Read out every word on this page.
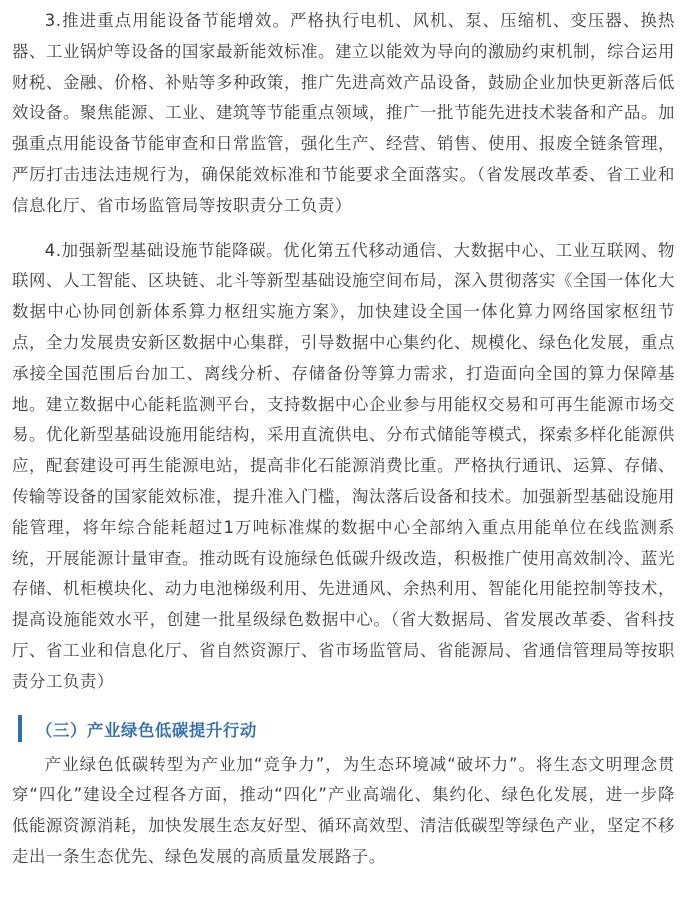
3.推进重点用能设备节能增效。严格执行电机、风机、泵、压缩机、变压器、换热器、工业锅炉等设备的国家最新能效标准。建立以能效为导向的激励约束机制，综合运用财税、金融、价格、补贴等多种政策，推广先进高效产品设备，鼓励企业加快更新落后低效设备。聚焦能源、工业、建筑等节能重点领域，推广一批节能先进技术装备和产品。加强重点用能设备节能审查和日常监管，强化生产、经营、销售、使用、报废全链条管理，严厉打击违法违规行为，确保能效标准和节能要求全面落实。（省发展改革委、省工业和信息化厅、省市场监管局等按职责分工负责）

4.加强新型基础设施节能降碳。优化第五代移动通信、大数据中心、工业互联网、物联网、人工智能、区块链、北斗等新型基础设施空间布局，深入贯彻落实《全国一体化大数据中心协同创新体系算力枢纽实施方案》，加快建设全国一体化算力网络国家枢纽节点，全力发展贵安新区数据中心集群，引导数据中心集约化、规模化、绿色化发展，重点承接全国范围后台加工、离线分析、存储备份等算力需求，打造面向全国的算力保障基地。建立数据中心能耗监测平台，支持数据中心企业参与用能权交易和可再生能源市场交易。优化新型基础设施用能结构，采用直流供电、分布式储能等模式，探索多样化能源供应，配套建设可再生能源电站，提高非化石能源消费比重。严格执行通讯、运算、存储、传输等设备的国家能效标准，提升准入门槛，淘汰落后设备和技术。加强新型基础设施用能管理，将年综合能耗超过1万吨标准煤的数据中心全部纳入重点用能单位在线监测系统，开展能源计量审查。推动既有设施绿色低碳升级改造，积极推广使用高效制冷、蓝光存储、机柜模块化、动力电池梯级利用、先进通风、余热利用、智能化用能控制等技术，提高设施能效水平，创建一批星级绿色数据中心。（省大数据局、省发展改革委、省科技厅、省工业和信息化厅、省自然资源厅、省市场监管局、省能源局、省通信管理局等按职责分工负责）

（三）产业绿色低碳提升行动

产业绿色低碳转型为产业加“竞争力”，为生态环境减“破坏力”。将生态文明理念贯穿“四化”建设全过程各方面，推动“四化”产业高端化、集约化、绿色化发展，进一步降低能源资源消耗，加快发展生态友好型、循环高效型、清洁低碳型等绿色产业，坚定不移走出一条生态优先、绿色发展的高质量发展路子。
